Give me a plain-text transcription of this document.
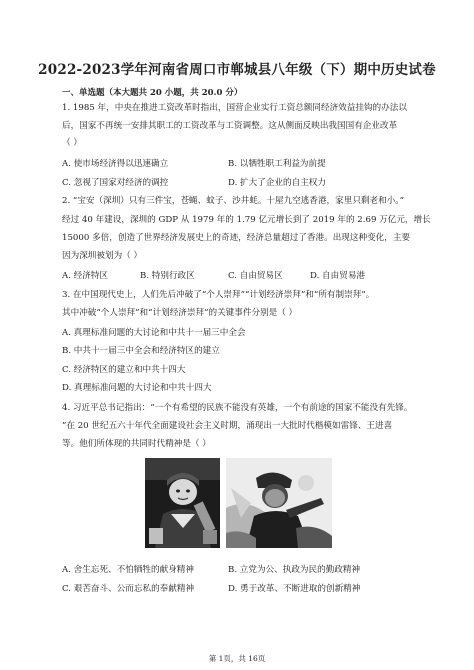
2022-2023学年河南省周口市郸城县八年级（下）期中历史试卷
一、单选题（本大题共 20 小题，共 20.0 分）
1. 1985 年，中央在推进工资改革时指出，国营企业实行工资总额同经济效益挂钩的办法以
后，国家不再统一安排其职工的工资改革与工资调整。这从侧面反映出我国国有企业改革
（ ）
A. 使市场经济得以迅速确立	B. 以牺牲职工利益为前提
C. 忽视了国家对经济的调控	D. 扩大了企业的自主权力
2. “宝安（深圳）只有三件宝，苍蝇、蚊子、沙井蚝。十屋九空逃香港，家里只剩老和小。”
经过 40 年建设，深圳的 GDP 从 1979 年的 1.79 亿元增长到了 2019 年的 2.69 万亿元，增长
15000 多倍，创造了世界经济发展史上的奇迹，经济总量超过了香港。出现这种变化，主要
因为深圳被划为（ ）
A. 经济特区	B. 特别行政区	C. 自由贸易区	D. 自由贸易港
3. 在中国现代史上，人们先后冲破了“个人崇拜”“计划经济崇拜”和“所有制崇拜”。
其中冲破“个人崇拜”和“计划经济崇拜”的关键事件分别是（ ）
A. 真理标准问题的大讨论和中共十一届三中全会
B. 中共十一届三中全会和经济特区的建立
C. 经济特区的建立和中共十四大
D. 真理标准问题的大讨论和中共十四大
4. 习近平总书记指出：“一个有希望的民族不能没有英雄，一个有前途的国家不能没有先锋。
”在 20 世纪五六十年代全面建设社会主义时期，涌现出一大批时代楷模如雷锋、王进喜
等。他们所体现的共同时代精神是（ ）
A. 舍生忘死、不怕牺牲的献身精神	B. 立党为公、执政为民的勤政精神
C. 艰苦奋斗、公而忘私的奉献精神	D. 勇于改革、不断进取的创新精神
第 1页，共 16页
